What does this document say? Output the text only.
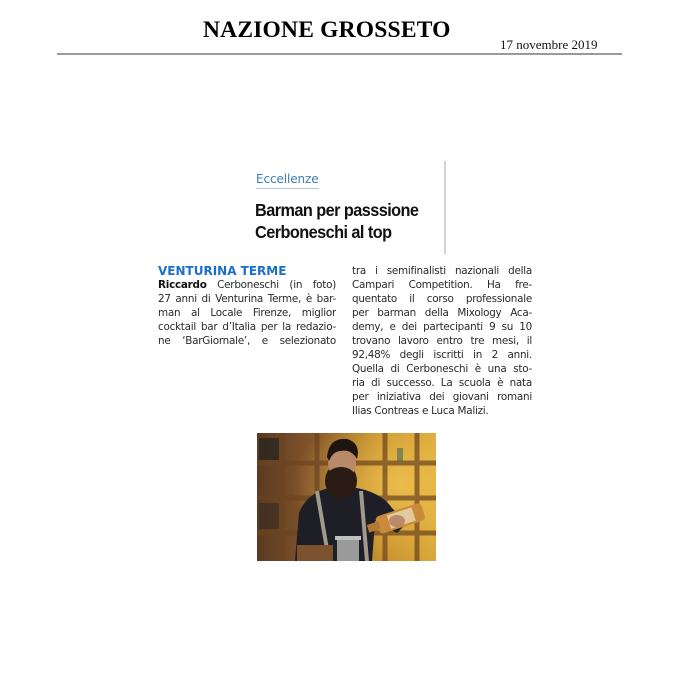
NAZIONE GROSSETO
17 novembre 2019
Eccellenze
Barman per passsione
Cerboneschi al top
VENTURINA TERME
Riccardo Cerboneschi (in foto)
27 anni di Venturina Terme, è bar-
man al Locale Firenze, miglior
cocktail bar d’Italia per la redazio-
ne ‘BarGiornale’, e selezionato
tra i semifinalisti nazionali della
Campari Competition. Ha fre-
quentato il corso professionale
per barman della Mixology Aca-
demy, e dei partecipanti 9 su 10
trovano lavoro entro tre mesi, il
92,48% degli iscritti in 2 anni.
Quella di Cerboneschi è una sto-
ria di successo. La scuola è nata
per iniziativa dei giovani romani
Ilias Contreas e Luca Malizi.
